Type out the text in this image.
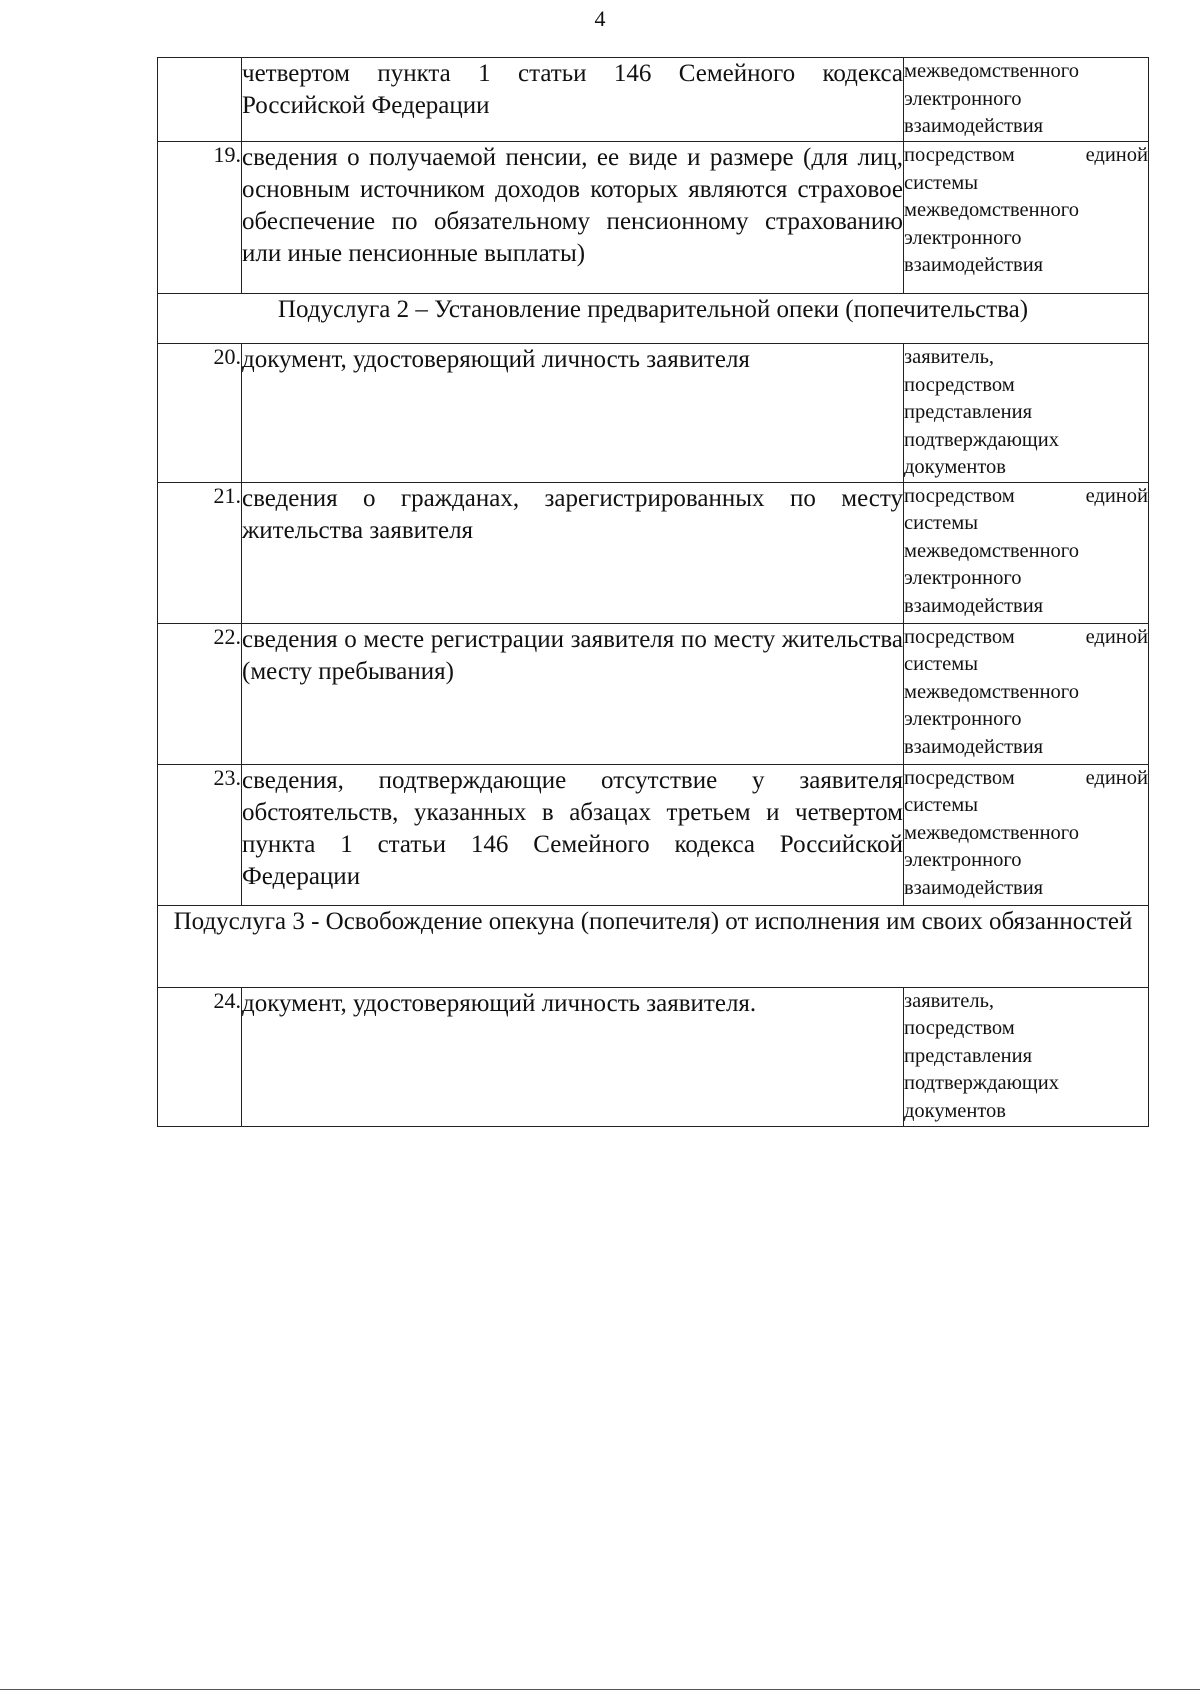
4
	четвертом пункта 1 статьи 146 Семейного кодекса Российской Федерации	межведомственного
электронного
взаимодействия

19.	сведения о получаемой пенсии, ее виде и размере (для лиц, основным источником доходов которых являются страховое обеспечение по обязательному пенсионному страхованию или иные пенсионные выплаты)	посредством единой
системы
межведомственного
электронного
взаимодействия

Подуслуга 2 – Установление предварительной опеки (попечительства)		
20.	документ, удостоверяющий личность заявителя	заявитель,
посредством
представления
подтверждающих
документов

21.	сведения о гражданах, зарегистрированных по месту жительства заявителя	посредством единой
системы
межведомственного
электронного
взаимодействия

22.	сведения о месте регистрации заявителя по месту жительства (месту пребывания)	посредством единой
системы
межведомственного
электронного
взаимодействия

23.	сведения, подтверждающие отсутствие у заявителя обстоятельств, указанных в абзацах третьем и четвертом пункта 1 статьи 146 Семейного кодекса Российской Федерации	посредством единой
системы
межведомственного
электронного
взаимодействия

Подуслуга 3 - Освобождение опекуна (попечителя) от исполнения им своих обязанностей		
24.	документ, удостоверяющий личность заявителя.	заявитель,
посредством
представления
подтверждающих
документов
